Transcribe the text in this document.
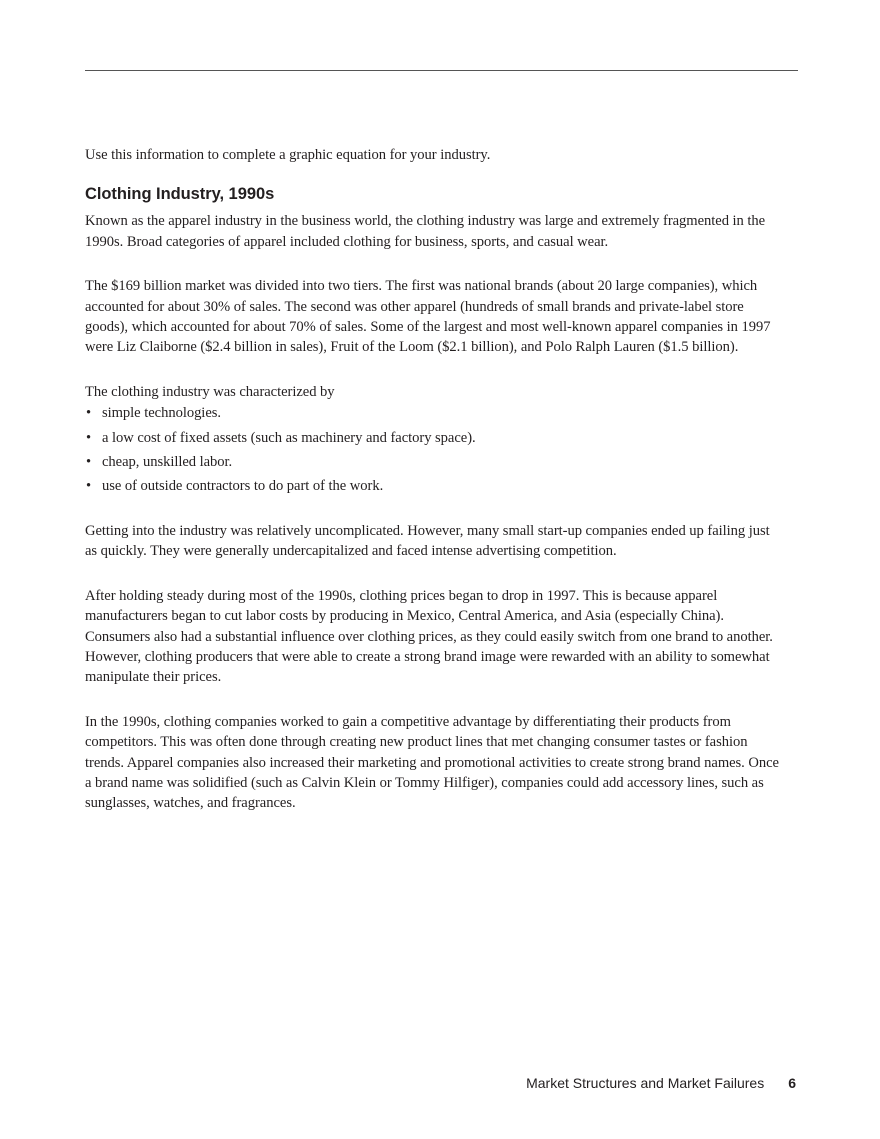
Use this information to complete a graphic equation for your industry.

Clothing Industry, 1990s

Known as the apparel industry in the business world, the clothing industry was large and extremely fragmented in the 1990s. Broad categories of apparel included clothing for business, sports, and casual wear.

The $169 billion market was divided into two tiers. The first was national brands (about 20 large companies), which accounted for about 30% of sales. The second was other apparel (hundreds of small brands and private-label store goods), which accounted for about 70% of sales. Some of the largest and most well-known apparel companies in 1997 were Liz Claiborne ($2.4 billion in sales), Fruit of the Loom ($2.1 billion), and Polo Ralph Lauren ($1.5 billion).

The clothing industry was characterized by

• simple technologies.
• a low cost of fixed assets (such as machinery and factory space).
• cheap, unskilled labor.
• use of outside contractors to do part of the work.

Getting into the industry was relatively uncomplicated. However, many small start-up companies ended up failing just as quickly. They were generally undercapitalized and faced intense advertising competition.

After holding steady during most of the 1990s, clothing prices began to drop in 1997. This is because apparel manufacturers began to cut labor costs by producing in Mexico, Central America, and Asia (especially China). Consumers also had a substantial influence over clothing prices, as they could easily switch from one brand to another. However, clothing producers that were able to create a strong brand image were rewarded with an ability to somewhat manipulate their prices.

In the 1990s, clothing companies worked to gain a competitive advantage by differentiating their products from competitors. This was often done through creating new product lines that met changing consumer tastes or fashion trends. Apparel companies also increased their marketing and promotional activities to create strong brand names. Once a brand name was solidified (such as Calvin Klein or Tommy Hilfiger), companies could add accessory lines, such as sunglasses, watches, and fragrances.

Market Structures and Market Failures 6
